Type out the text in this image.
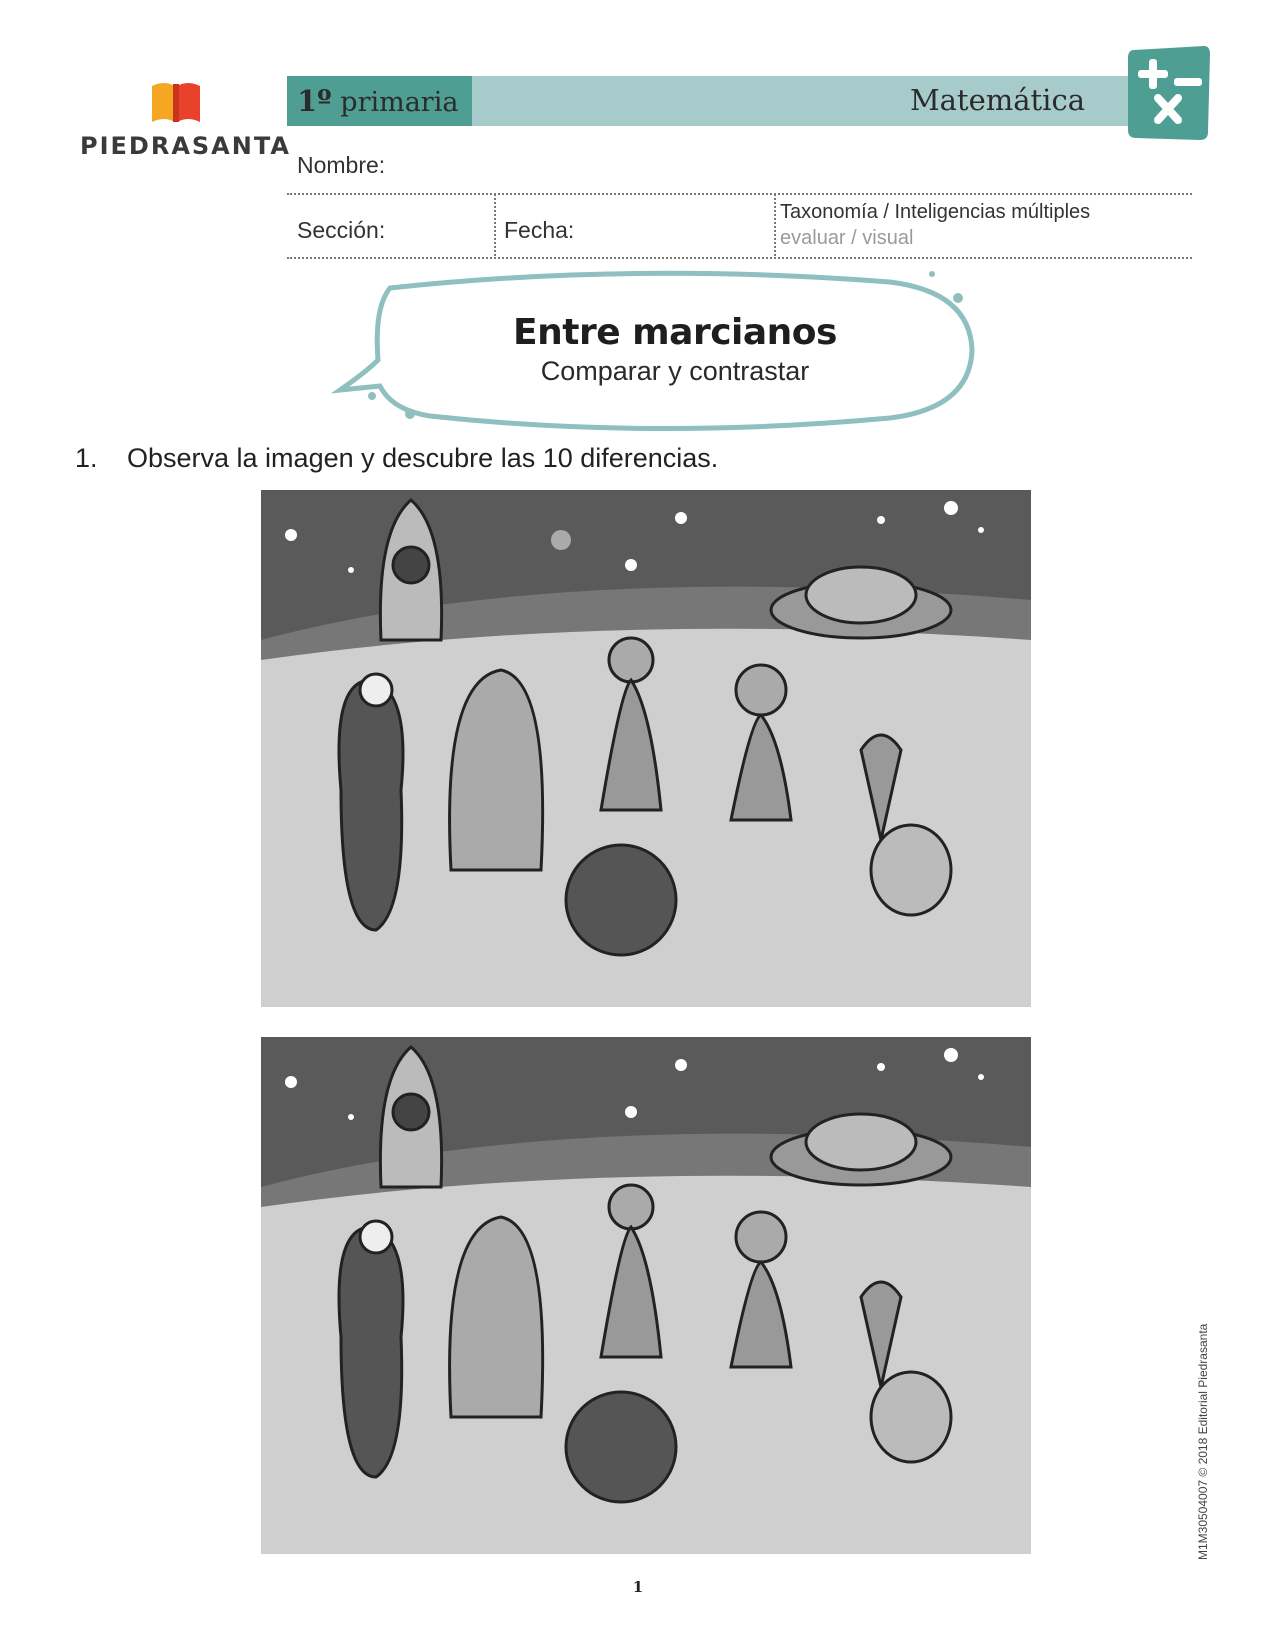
PIEDRASANTA
1º primaria	Matemática
Nombre:
Sección:	Fecha:
Taxonomía / Inteligencias múltiples
evaluar / visual
Entre marcianos
Comparar y contrastar
1. Observa la imagen y descubre las 10 diferencias.
1
M1M30504007 © 2018 Editorial Piedrasanta
